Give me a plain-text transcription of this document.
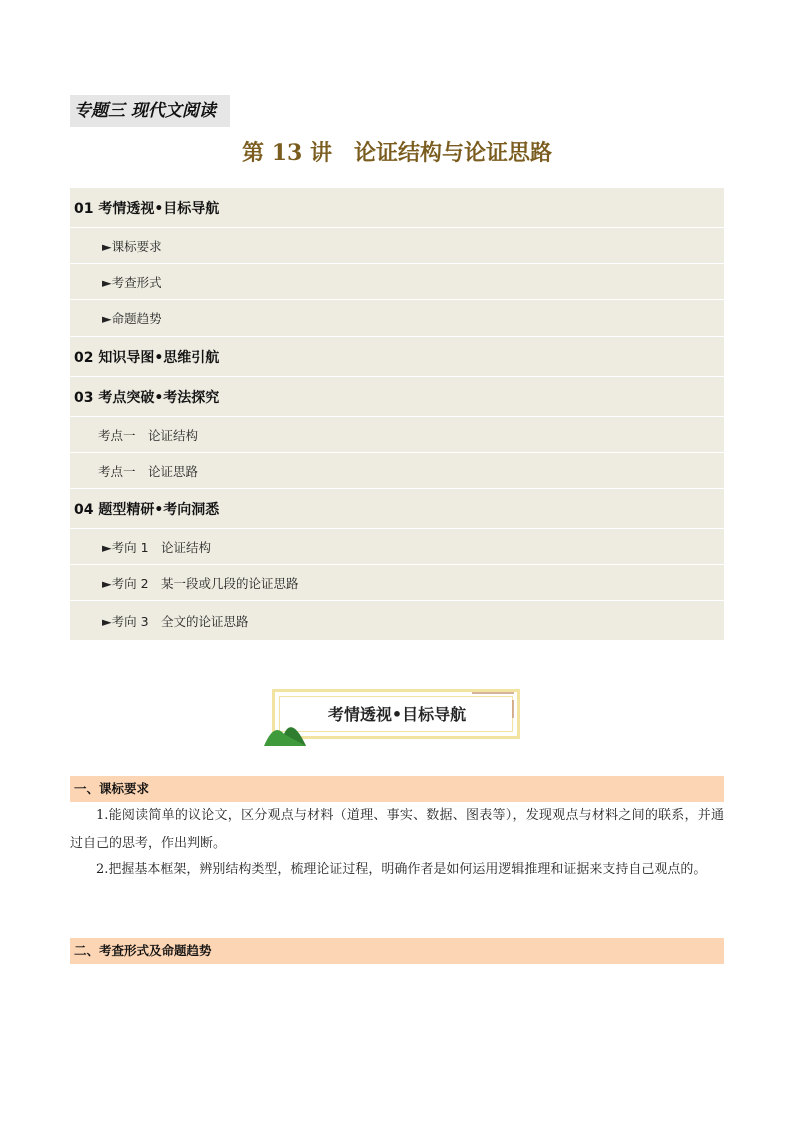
专题三 现代文阅读
第 13 讲　论证结构与论证思路
01 考情透视•目标导航
►课标要求
►考查形式
►命题趋势
02 知识导图•思维引航
03 考点突破•考法探究
考点一　论证结构
考点一　论证思路
04 题型精研•考向洞悉
►考向 1　论证结构
►考向 2　某一段或几段的论证思路
►考向 3　全文的论证思路
考情透视•目标导航
一、课标要求
1.能阅读简单的议论文，区分观点与材料（道理、事实、数据、图表等），发现观点与材料之间的联系，并通过自己的思考，作出判断。
2.把握基本框架，辨别结构类型，梳理论证过程，明确作者是如何运用逻辑推理和证据来支持自己观点的。
二、考查形式及命题趋势
